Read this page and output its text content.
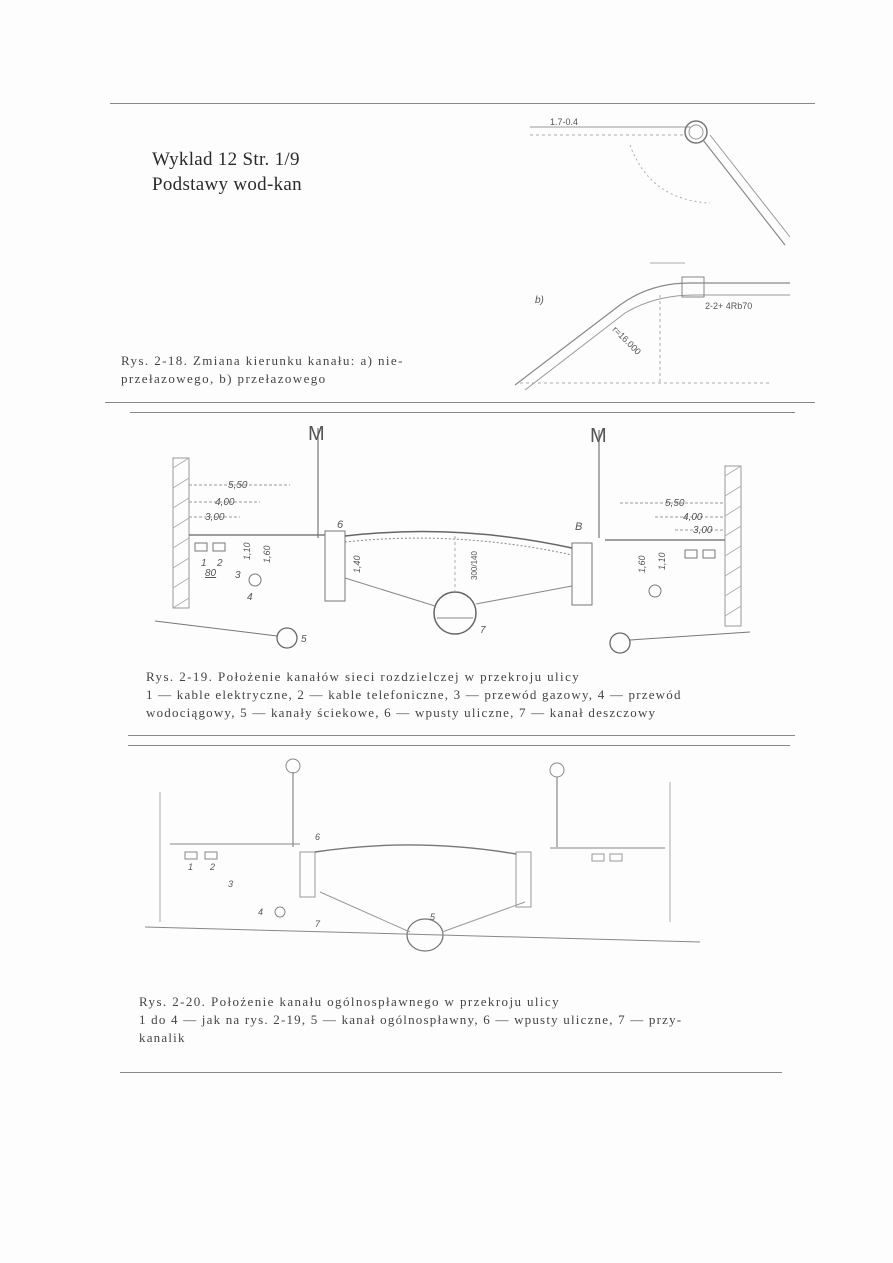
Wyklad 12 Str. 1/9
Podstawy wod-kan
1.7-0.4
b)	2-2+ 4Rb70
r=16.000
Rys. 2-18. Zmiana kierunku kanału: a) nie-
przełazowego, b) przełazowego
M	M
5,50
4,00
3,00
5,50
4,00
3,00
1,10 1,60
1,40	1,60 1,10
300/140
1 2
3
4
5
6
7
80
B
Rys. 2-19. Położenie kanałów sieci rozdzielczej w przekroju ulicy
1 — kable elektryczne, 2 — kable telefoniczne, 3 — przewód gazowy, 4 — przewód
wodociągowy, 5 — kanały ściekowe, 6 — wpusty uliczne, 7 — kanał deszczowy
1 2
3
4	5
6
7
Rys. 2-20. Położenie kanału ogólnospławnego w przekroju ulicy
1 do 4 — jak na rys. 2-19, 5 — kanał ogólnospławny, 6 — wpusty uliczne, 7 — przy-
kanalik
